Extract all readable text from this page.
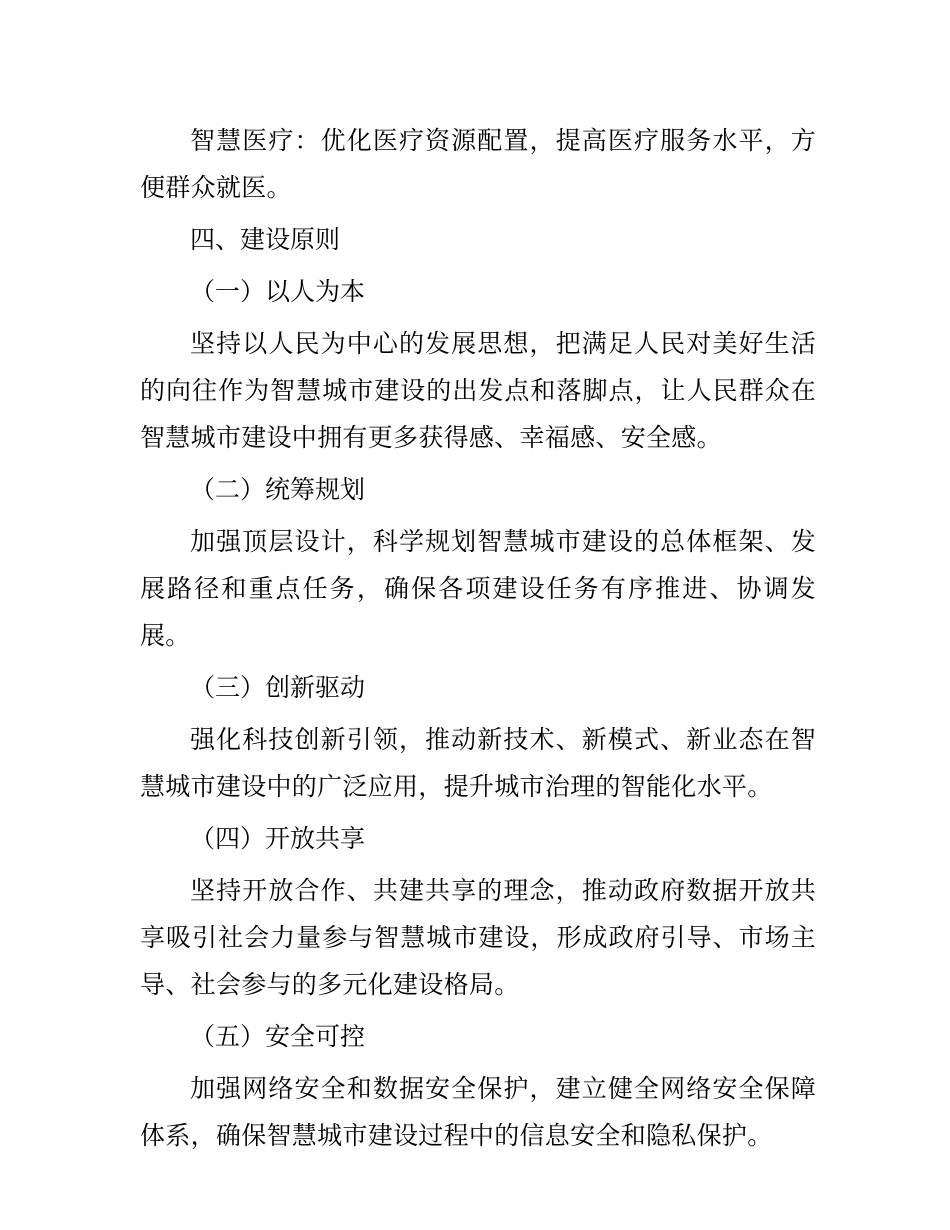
智慧医疗：优化医疗资源配置，提高医疗服务水平，方便群众就医。

四、建设原则

（一）以人为本

坚持以人民为中心的发展思想，把满足人民对美好生活的向往作为智慧城市建设的出发点和落脚点，让人民群众在智慧城市建设中拥有更多获得感、幸福感、安全感。

（二）统筹规划

加强顶层设计，科学规划智慧城市建设的总体框架、发展路径和重点任务，确保各项建设任务有序推进、协调发展。

（三）创新驱动

强化科技创新引领，推动新技术、新模式、新业态在智慧城市建设中的广泛应用，提升城市治理的智能化水平。

（四）开放共享

坚持开放合作、共建共享的理念，推动政府数据开放共享吸引社会力量参与智慧城市建设，形成政府引导、市场主导、社会参与的多元化建设格局。

（五）安全可控

加强网络安全和数据安全保护，建立健全网络安全保障体系，确保智慧城市建设过程中的信息安全和隐私保护。
